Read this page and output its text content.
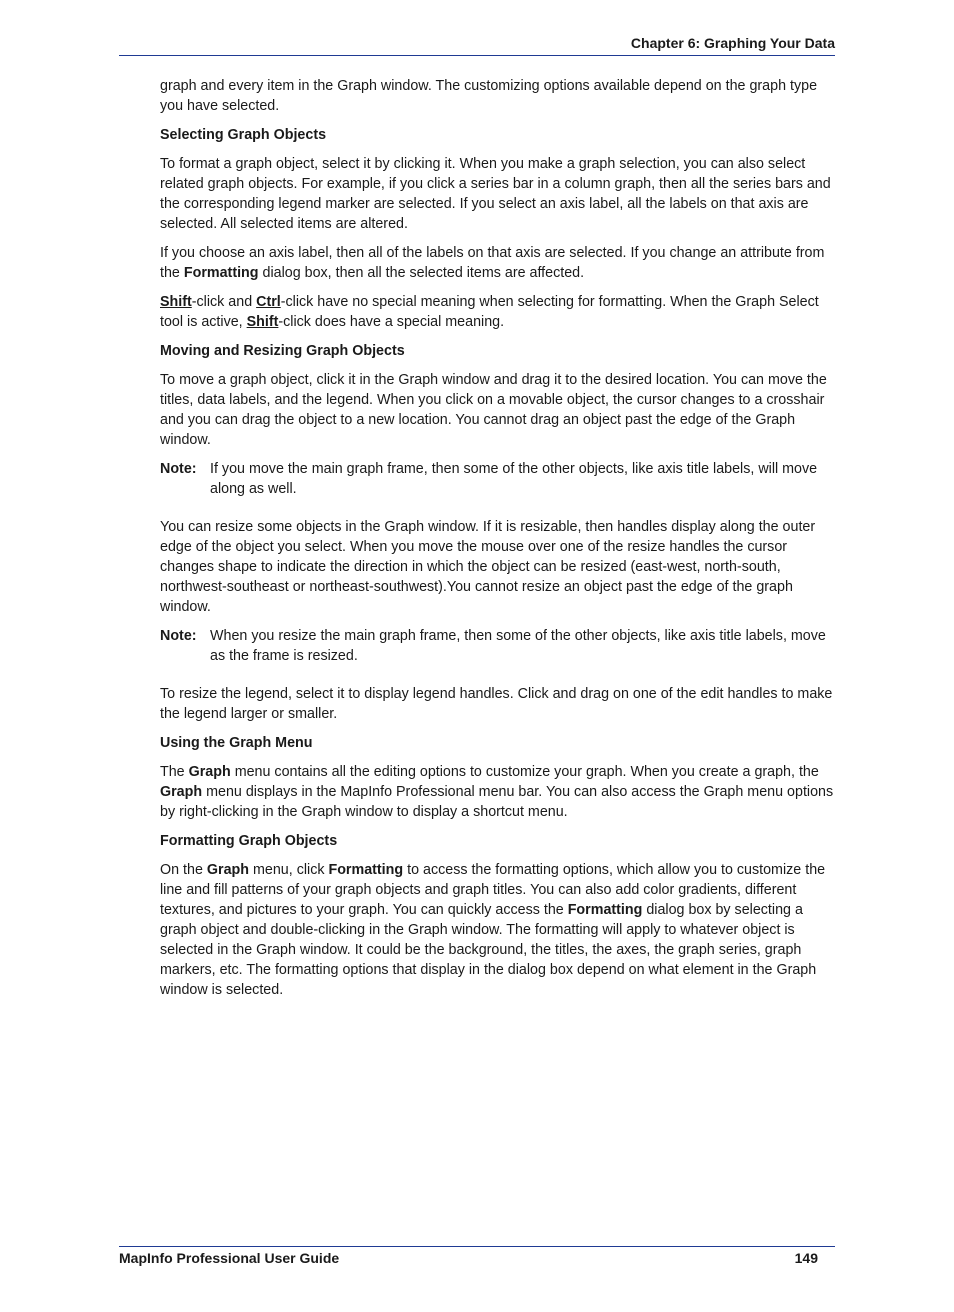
Chapter 6: Graphing Your Data

graph and every item in the Graph window. The customizing options available depend on the graph type you have selected.

Selecting Graph Objects

To format a graph object, select it by clicking it. When you make a graph selection, you can also select related graph objects. For example, if you click a series bar in a column graph, then all the series bars and the corresponding legend marker are selected. If you select an axis label, all the labels on that axis are selected. All selected items are altered.

If you choose an axis label, then all of the labels on that axis are selected. If you change an attribute from the Formatting dialog box, then all the selected items are affected.

Shift-click and Ctrl-click have no special meaning when selecting for formatting. When the Graph Select tool is active, Shift-click does have a special meaning.

Moving and Resizing Graph Objects

To move a graph object, click it in the Graph window and drag it to the desired location. You can move the titles, data labels, and the legend. When you click on a movable object, the cursor changes to a crosshair and you can drag the object to a new location. You cannot drag an object past the edge of the Graph window.

Note: If you move the main graph frame, then some of the other objects, like axis title labels, will move along as well.

You can resize some objects in the Graph window. If it is resizable, then handles display along the outer edge of the object you select. When you move the mouse over one of the resize handles the cursor changes shape to indicate the direction in which the object can be resized (east-west, north-south, northwest-southeast or northeast-southwest).You cannot resize an object past the edge of the graph window.

Note: When you resize the main graph frame, then some of the other objects, like axis title labels, move as the frame is resized.

To resize the legend, select it to display legend handles. Click and drag on one of the edit handles to make the legend larger or smaller.

Using the Graph Menu

The Graph menu contains all the editing options to customize your graph. When you create a graph, the Graph menu displays in the MapInfo Professional menu bar. You can also access the Graph menu options by right-clicking in the Graph window to display a shortcut menu.

Formatting Graph Objects

On the Graph menu, click Formatting to access the formatting options, which allow you to customize the line and fill patterns of your graph objects and graph titles. You can also add color gradients, different textures, and pictures to your graph. You can quickly access the Formatting dialog box by selecting a graph object and double-clicking in the Graph window. The formatting will apply to whatever object is selected in the Graph window. It could be the background, the titles, the axes, the graph series, graph markers, etc. The formatting options that display in the dialog box depend on what element in the Graph window is selected.

MapInfo Professional User Guide	149
